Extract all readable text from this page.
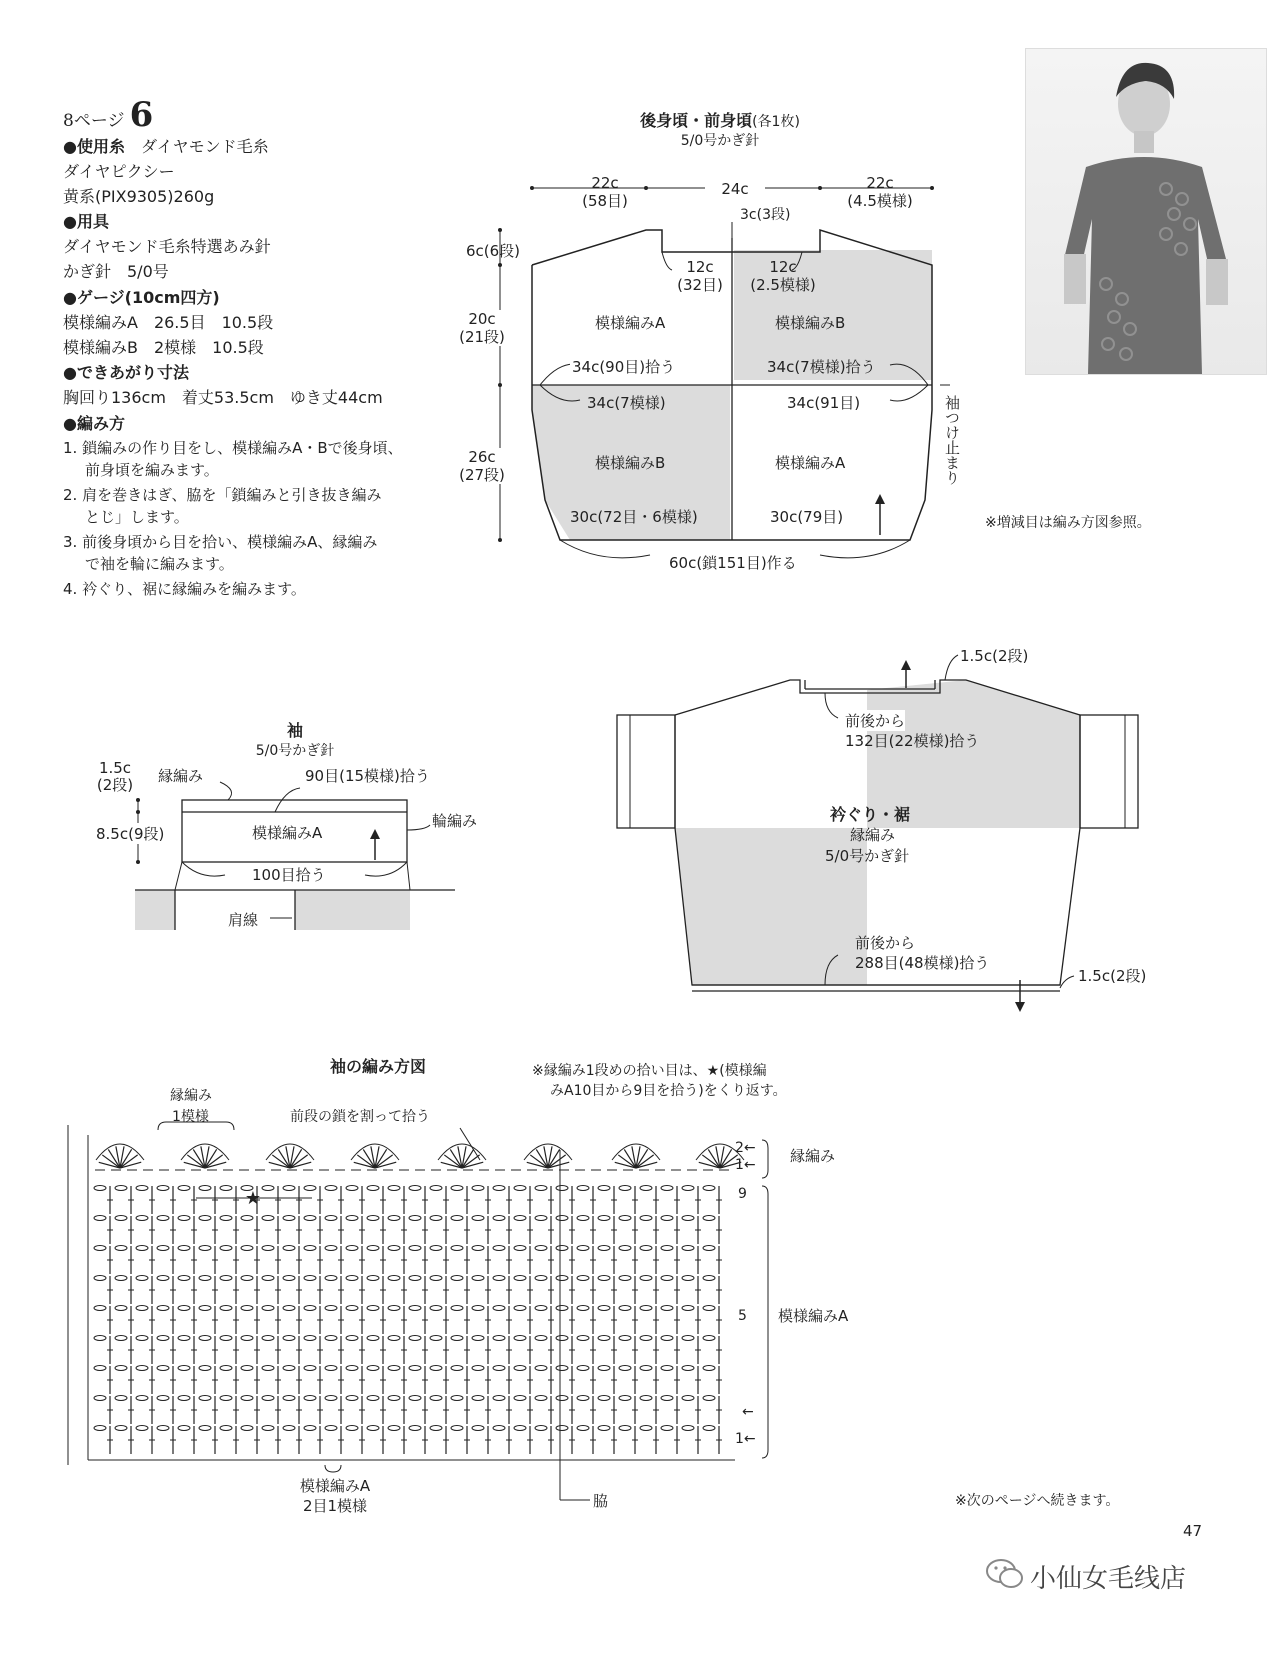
8ページ 6
●使用糸　 ダイヤモンド毛糸
ダイヤピクシー
黄系(PIX9305)260g
●用具
ダイヤモンド毛糸特選あみ針
かぎ針　5/0号
●ゲージ(10cm四方)
模様編みA　26.5目　10.5段
模様編みB　2模様　10.5段
●できあがり寸法
胸回り136cm　着丈53.5cm　ゆき丈44cm
●編み方
1. 鎖編みの作り目をし、模様編みA・Bで後身頃、
前身頃を編みます。
2. 肩を巻きはぎ、脇を「鎖編みと引き抜き編み
とじ」します。
3. 前後身頃から目を拾い、模様編みA、縁編み
で袖を輪に編みます。
4. 衿ぐり、裾に縁編みを編みます。
後身頃・前身頃(各1枚)
5/0号かぎ針
22c
(58目)
24c	22c
(4.5模様)
3c(3段)
6c(6段)
12c
(32目)
12c
(2.5模様)
20c
(21段)
26c
(27段)
模様編みA	模様編みB
模様編みB	模様編みA
34c(90目)拾う	34c(7模様)拾う
34c(7模様)	34c(91目)	袖つけ止まり
30c(72目・6模様)	30c(79目)
60c(鎖151目)作る
※増減目は編み方図参照。
袖
5/0号かぎ針
1.5c
(2段) 縁編み	90目(15模様)拾う
8.5c(9段)	模様編みA
輪編み
100目拾う
肩線
1.5c(2段)
前後から
132目(22模様)拾う
衿ぐり・裾
縁編み
5/0号かぎ針
前後から
288目(48模様)拾う
1.5c(2段)
袖の編み方図	※縁編み1段めの拾い目は、★(模様編
みA10目から9目を拾う)をくり返す。
縁編み
1模様	前段の鎖を割って拾う
★
2←
1← 縁編み
9
5 模様編みA
←
1←
模様編みA
2目1模様	脇	※次のページへ続きます。
47
小仙女毛线店
